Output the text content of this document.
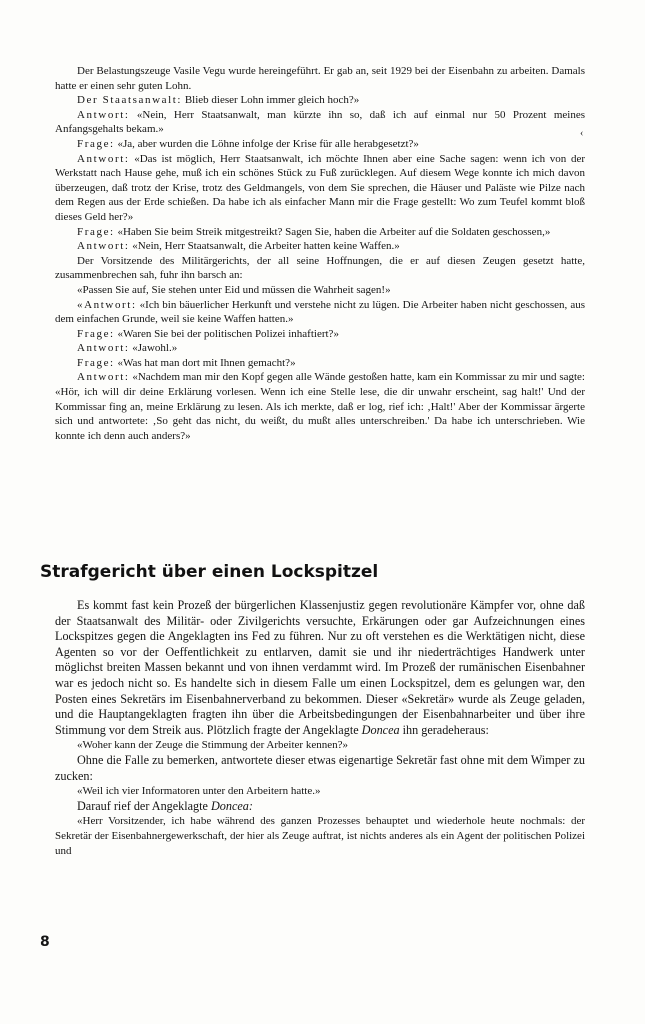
Der Belastungszeuge Vasile Vegu wurde hereingeführt. Er gab an, seit 1929 bei der Eisenbahn zu arbeiten. Damals hatte er einen sehr guten Lohn.

Der Staatsanwalt: Blieb dieser Lohn immer gleich hoch?»

Antwort: «Nein, Herr Staatsanwalt, man kürzte ihn so, daß ich auf einmal nur 50 Prozent meines Anfangsgehalts bekam.»

Frage: «Ja, aber wurden die Löhne infolge der Krise für alle herabgesetzt?»

Antwort: «Das ist möglich, Herr Staatsanwalt, ich möchte Ihnen aber eine Sache sagen: wenn ich von der Werkstatt nach Hause gehe, muß ich ein schönes Stück zu Fuß zurücklegen. Auf diesem Wege konnte ich mich davon überzeugen, daß trotz der Krise, trotz des Geldmangels, von dem Sie sprechen, die Häuser und Paläste wie Pilze nach dem Regen aus der Erde schießen. Da habe ich als einfacher Mann mir die Frage gestellt: Wo zum Teufel kommt bloß dieses Geld her?»

Frage: «Haben Sie beim Streik mitgestreikt? Sagen Sie, haben die Arbeiter auf die Soldaten geschossen,»

Antwort: «Nein, Herr Staatsanwalt, die Arbeiter hatten keine Waffen.»

Der Vorsitzende des Militärgerichts, der all seine Hoffnungen, die er auf diesen Zeugen gesetzt hatte, zusammenbrechen sah, fuhr ihn barsch an:

«Passen Sie auf, Sie stehen unter Eid und müssen die Wahrheit sagen!»

«Antwort: «Ich bin bäuerlicher Herkunft und verstehe nicht zu lügen. Die Arbeiter haben nicht geschossen, aus dem einfachen Grunde, weil sie keine Waffen hatten.»

Frage: «Waren Sie bei der politischen Polizei inhaftiert?»

Antwort: «Jawohl.»

Frage: «Was hat man dort mit Ihnen gemacht?»

Antwort: «Nachdem man mir den Kopf gegen alle Wände gestoßen hatte, kam ein Kommissar zu mir und sagte: «Hör, ich will dir deine Erklärung vorlesen. Wenn ich eine Stelle lese, die dir unwahr erscheint, sag halt!' Und der Kommissar fing an, meine Erklärung zu lesen. Als ich merkte, daß er log, rief ich: ‚Halt!' Aber der Kommissar ärgerte sich und antwortete: ‚So geht das nicht, du weißt, du mußt alles unterschreiben.' Da habe ich unterschrieben. Wie konnte ich denn auch anders?»

‹
Strafgericht über einen Lockspitzel

Es kommt fast kein Prozeß der bürgerlichen Klassenjustiz gegen revolutionäre Kämpfer vor, ohne daß der Staatsanwalt des Militär- oder Zivilgerichts versuchte, Erkärungen oder gar Aufzeichnungen eines Lockspitzes gegen die Angeklagten ins Fed zu führen. Nur zu oft verstehen es die Werktätigen nicht, diese Agenten so vor der Oeffentlichkeit zu entlarven, damit sie und ihr niederträchtiges Handwerk unter möglichst breiten Massen bekannt und von ihnen verdammt wird. Im Prozeß der rumänischen Eisenbahner war es jedoch nicht so. Es handelte sich in diesem Falle um einen Lockspitzel, dem es gelungen war, den Posten eines Sekretärs im Eisenbahnerverband zu bekommen. Dieser «Sekretär» wurde als Zeuge geladen, und die Hauptangeklagten fragten ihn über die Arbeitsbedingungen der Eisenbahnarbeiter und über ihre Stimmung vor dem Streik aus. Plötzlich fragte der Angeklagte Doncea ihn geradeheraus:

«Woher kann der Zeuge die Stimmung der Arbeiter kennen?»

Ohne die Falle zu bemerken, antwortete dieser etwas eigenartige Sekretär fast ohne mit dem Wimper zu zucken:

«Weil ich vier Informatoren unter den Arbeitern hatte.»

Darauf rief der Angeklagte Doncea:

«Herr Vorsitzender, ich habe während des ganzen Prozesses behauptet und wiederhole heute nochmals: der Sekretär der Eisenbahnergewerkschaft, der hier als Zeuge auftrat, ist nichts anderes als ein Agent der politischen Polizei und

8
